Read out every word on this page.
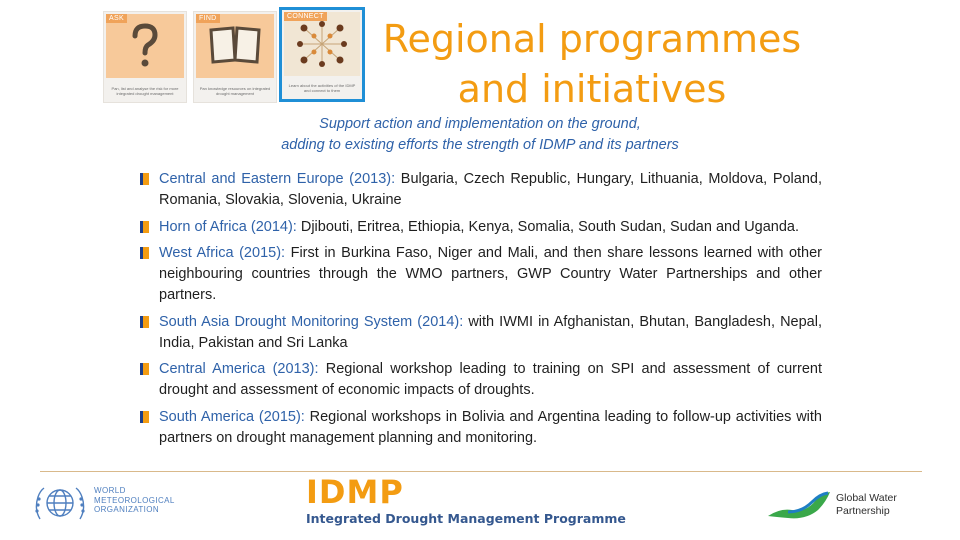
ASK
Pan, list and analyse the risk for more integrated drought management
FIND
Pan knowledge resources on integrated drought management
CONNECT
Learn about the activities of the IDMP and connect to them
Regional programmes
and initiatives
Support action and implementation on the ground,
adding to existing efforts the strength of IDMP and its partners
Central and Eastern Europe (2013): Bulgaria, Czech Republic, Hungary, Lithuania, Moldova, Poland, Romania, Slovakia, Slovenia, Ukraine
Horn of Africa (2014): Djibouti, Eritrea, Ethiopia, Kenya, Somalia, South Sudan, Sudan and Uganda.
West Africa (2015): First in Burkina Faso, Niger and Mali, and then share lessons learned with other neighbouring countries through the WMO partners, GWP Country Water Partnerships and other partners.
South Asia Drought Monitoring System (2014): with IWMI in Afghanistan, Bhutan, Bangladesh, Nepal, India, Pakistan and Sri Lanka
Central America (2013): Regional workshop leading to training on SPI and assessment of current drought and assessment of economic impacts of droughts.
South America (2015): Regional workshops in Bolivia and Argentina leading to follow-up activities with partners on drought management planning and monitoring.
WORLD
METEOROLOGICAL
ORGANIZATION	IDMP
Integrated Drought Management Programme
Global Water
Partnership
